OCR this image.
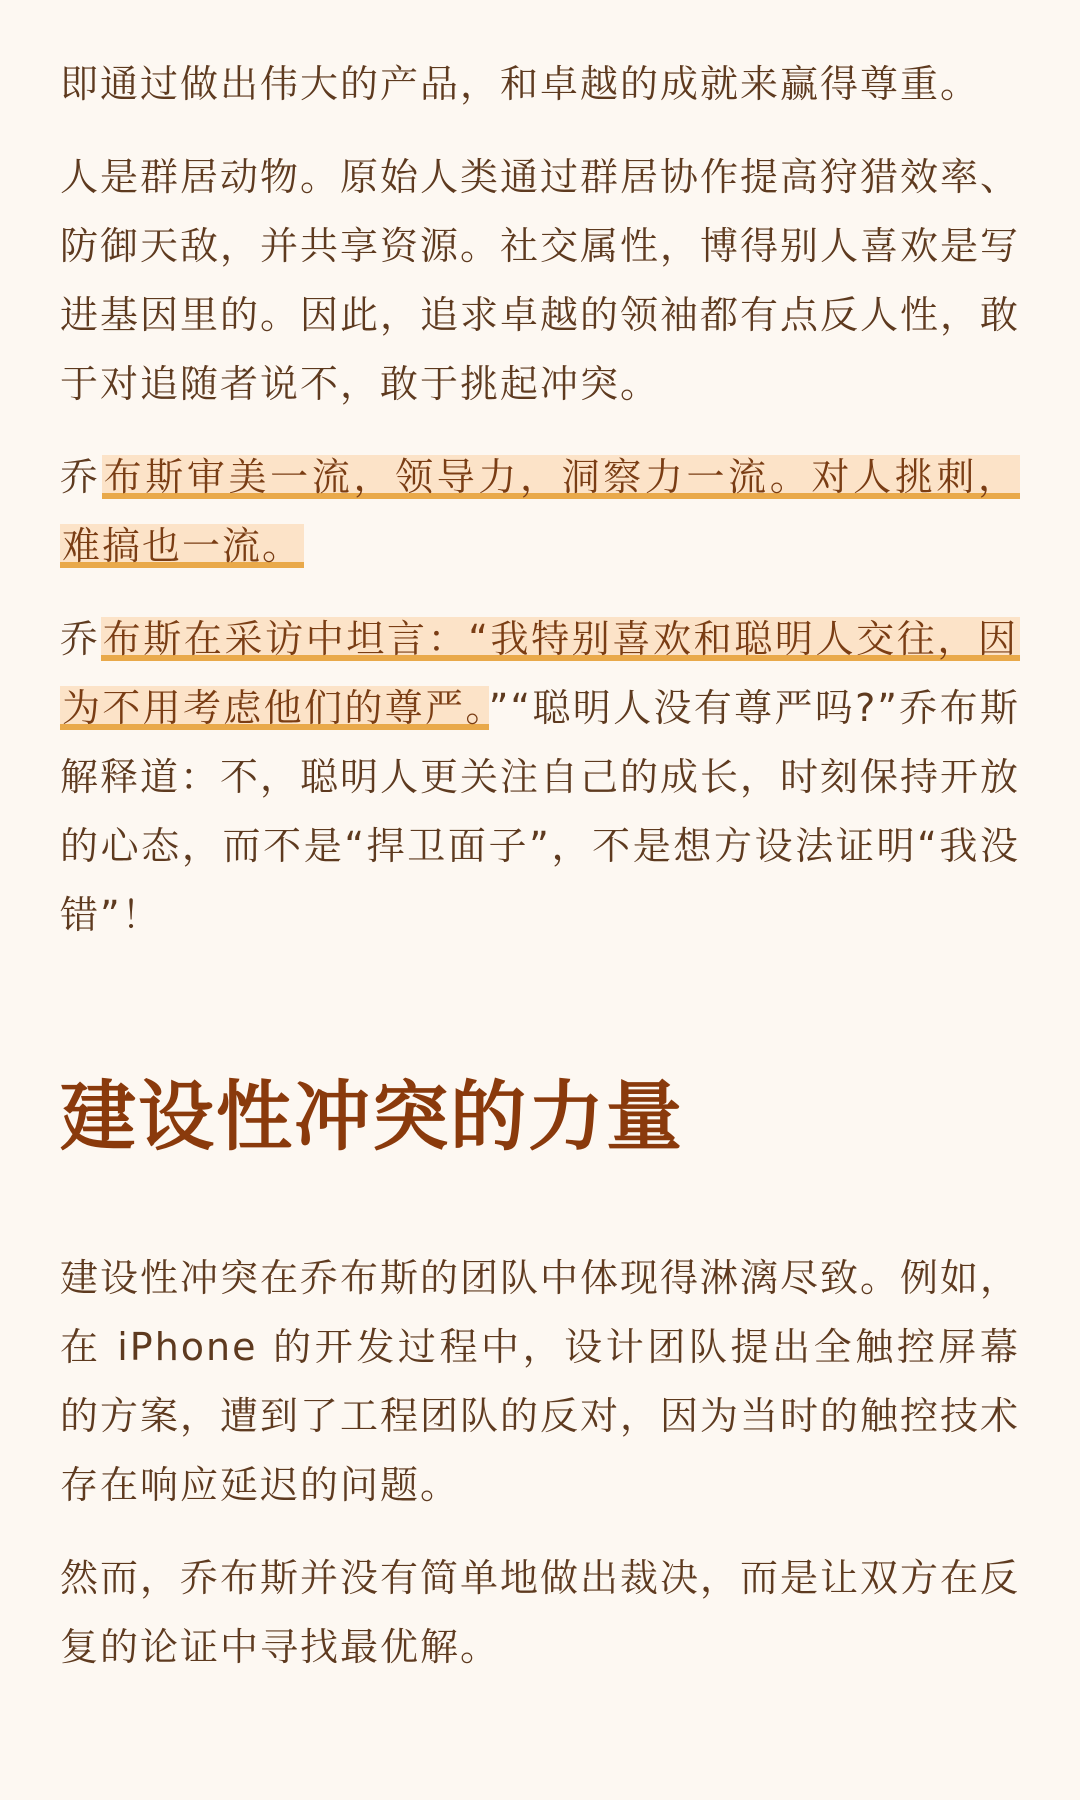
即通过做出伟大的产品，和卓越的成就来赢得尊重。

人是群居动物。原始人类通过群居协作提高狩猎效率、防御天敌，并共享资源。社交属性，博得别人喜欢是写进基因里的。因此，追求卓越的领袖都有点反人性，敢于对追随者说不，敢于挑起冲突。

乔布斯审美一流，领导力，洞察力一流。对人挑刺，难搞也一流。

乔布斯在采访中坦言：“我特别喜欢和聪明人交往，因为不用考虑他们的尊严。”“聪明人没有尊严吗?”乔布斯解释道：不，聪明人更关注自己的成长，时刻保持开放的心态，而不是“捍卫面子”，不是想方设法证明“我没错”！

建设性冲突的力量

建设性冲突在乔布斯的团队中体现得淋漓尽致。例如，在 iPhone 的开发过程中，设计团队提出全触控屏幕的方案，遭到了工程团队的反对，因为当时的触控技术存在响应延迟的问题。

然而，乔布斯并没有简单地做出裁决，而是让双方在反复的论证中寻找最优解。
